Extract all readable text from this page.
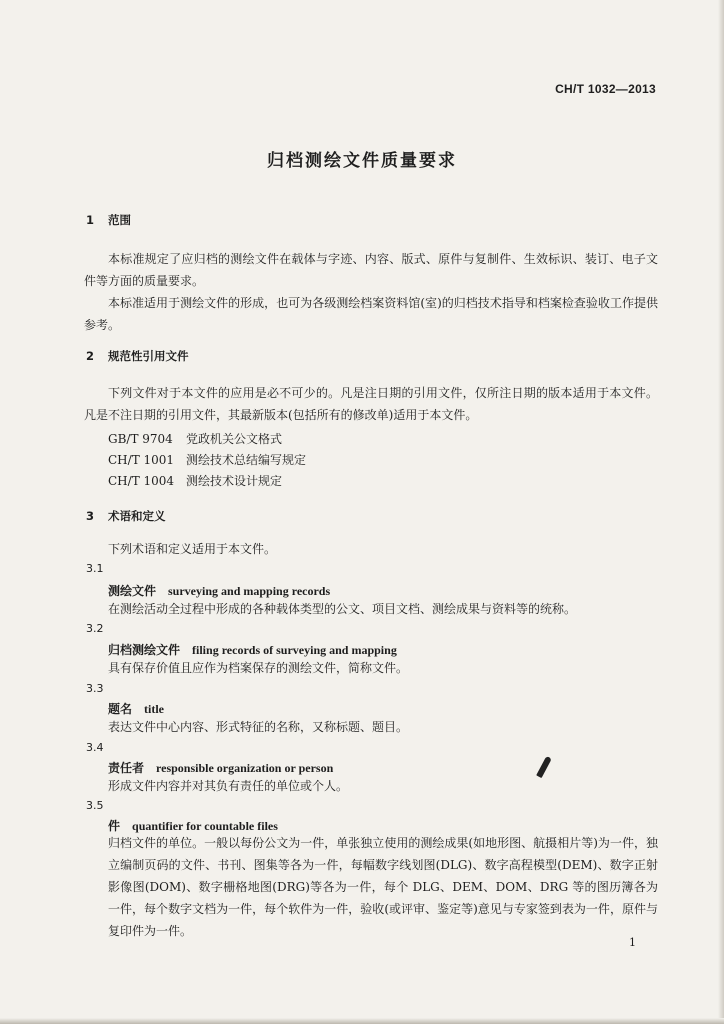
CH/T 1032—2013
归档测绘文件质量要求
1 范围
本标准规定了应归档的测绘文件在载体与字迹、内容、版式、原件与复制件、生效标识、装订、电子文件等方面的质量要求。
本标准适用于测绘文件的形成，也可为各级测绘档案资料馆(室)的归档技术指导和档案检查验收工作提供参考。
2 规范性引用文件
下列文件对于本文件的应用是必不可少的。凡是注日期的引用文件，仅所注日期的版本适用于本文件。凡是不注日期的引用文件，其最新版本(包括所有的修改单)适用于本文件。
GB/T 9704 党政机关公文格式
CH/T 1001 测绘技术总结编写规定
CH/T 1004 测绘技术设计规定
3 术语和定义
下列术语和定义适用于本文件。
3.1
测绘文件 surveying and mapping records
在测绘活动全过程中形成的各种载体类型的公文、项目文档、测绘成果与资料等的统称。
3.2
归档测绘文件 filing records of surveying and mapping
具有保存价值且应作为档案保存的测绘文件，简称文件。
3.3
题名 title
表达文件中心内容、形式特征的名称，又称标题、题目。
3.4
责任者 responsible organization or person
形成文件内容并对其负有责任的单位或个人。
3.5
件 quantifier for countable files
归档文件的单位。一般以每份公文为一件，单张独立使用的测绘成果(如地形图、航摄相片等)为一件，独立编制页码的文件、书刊、图集等各为一件，每幅数字线划图(DLG)、数字高程模型(DEM)、数字正射影像图(DOM)、数字栅格地图(DRG)等各为一件，每个 DLG、DEM、DOM、DRG 等的图历簿各为一件，每个数字文档为一件，每个软件为一件，验收(或评审、鉴定等)意见与专家签到表为一件，原件与复印件为一件。
1
